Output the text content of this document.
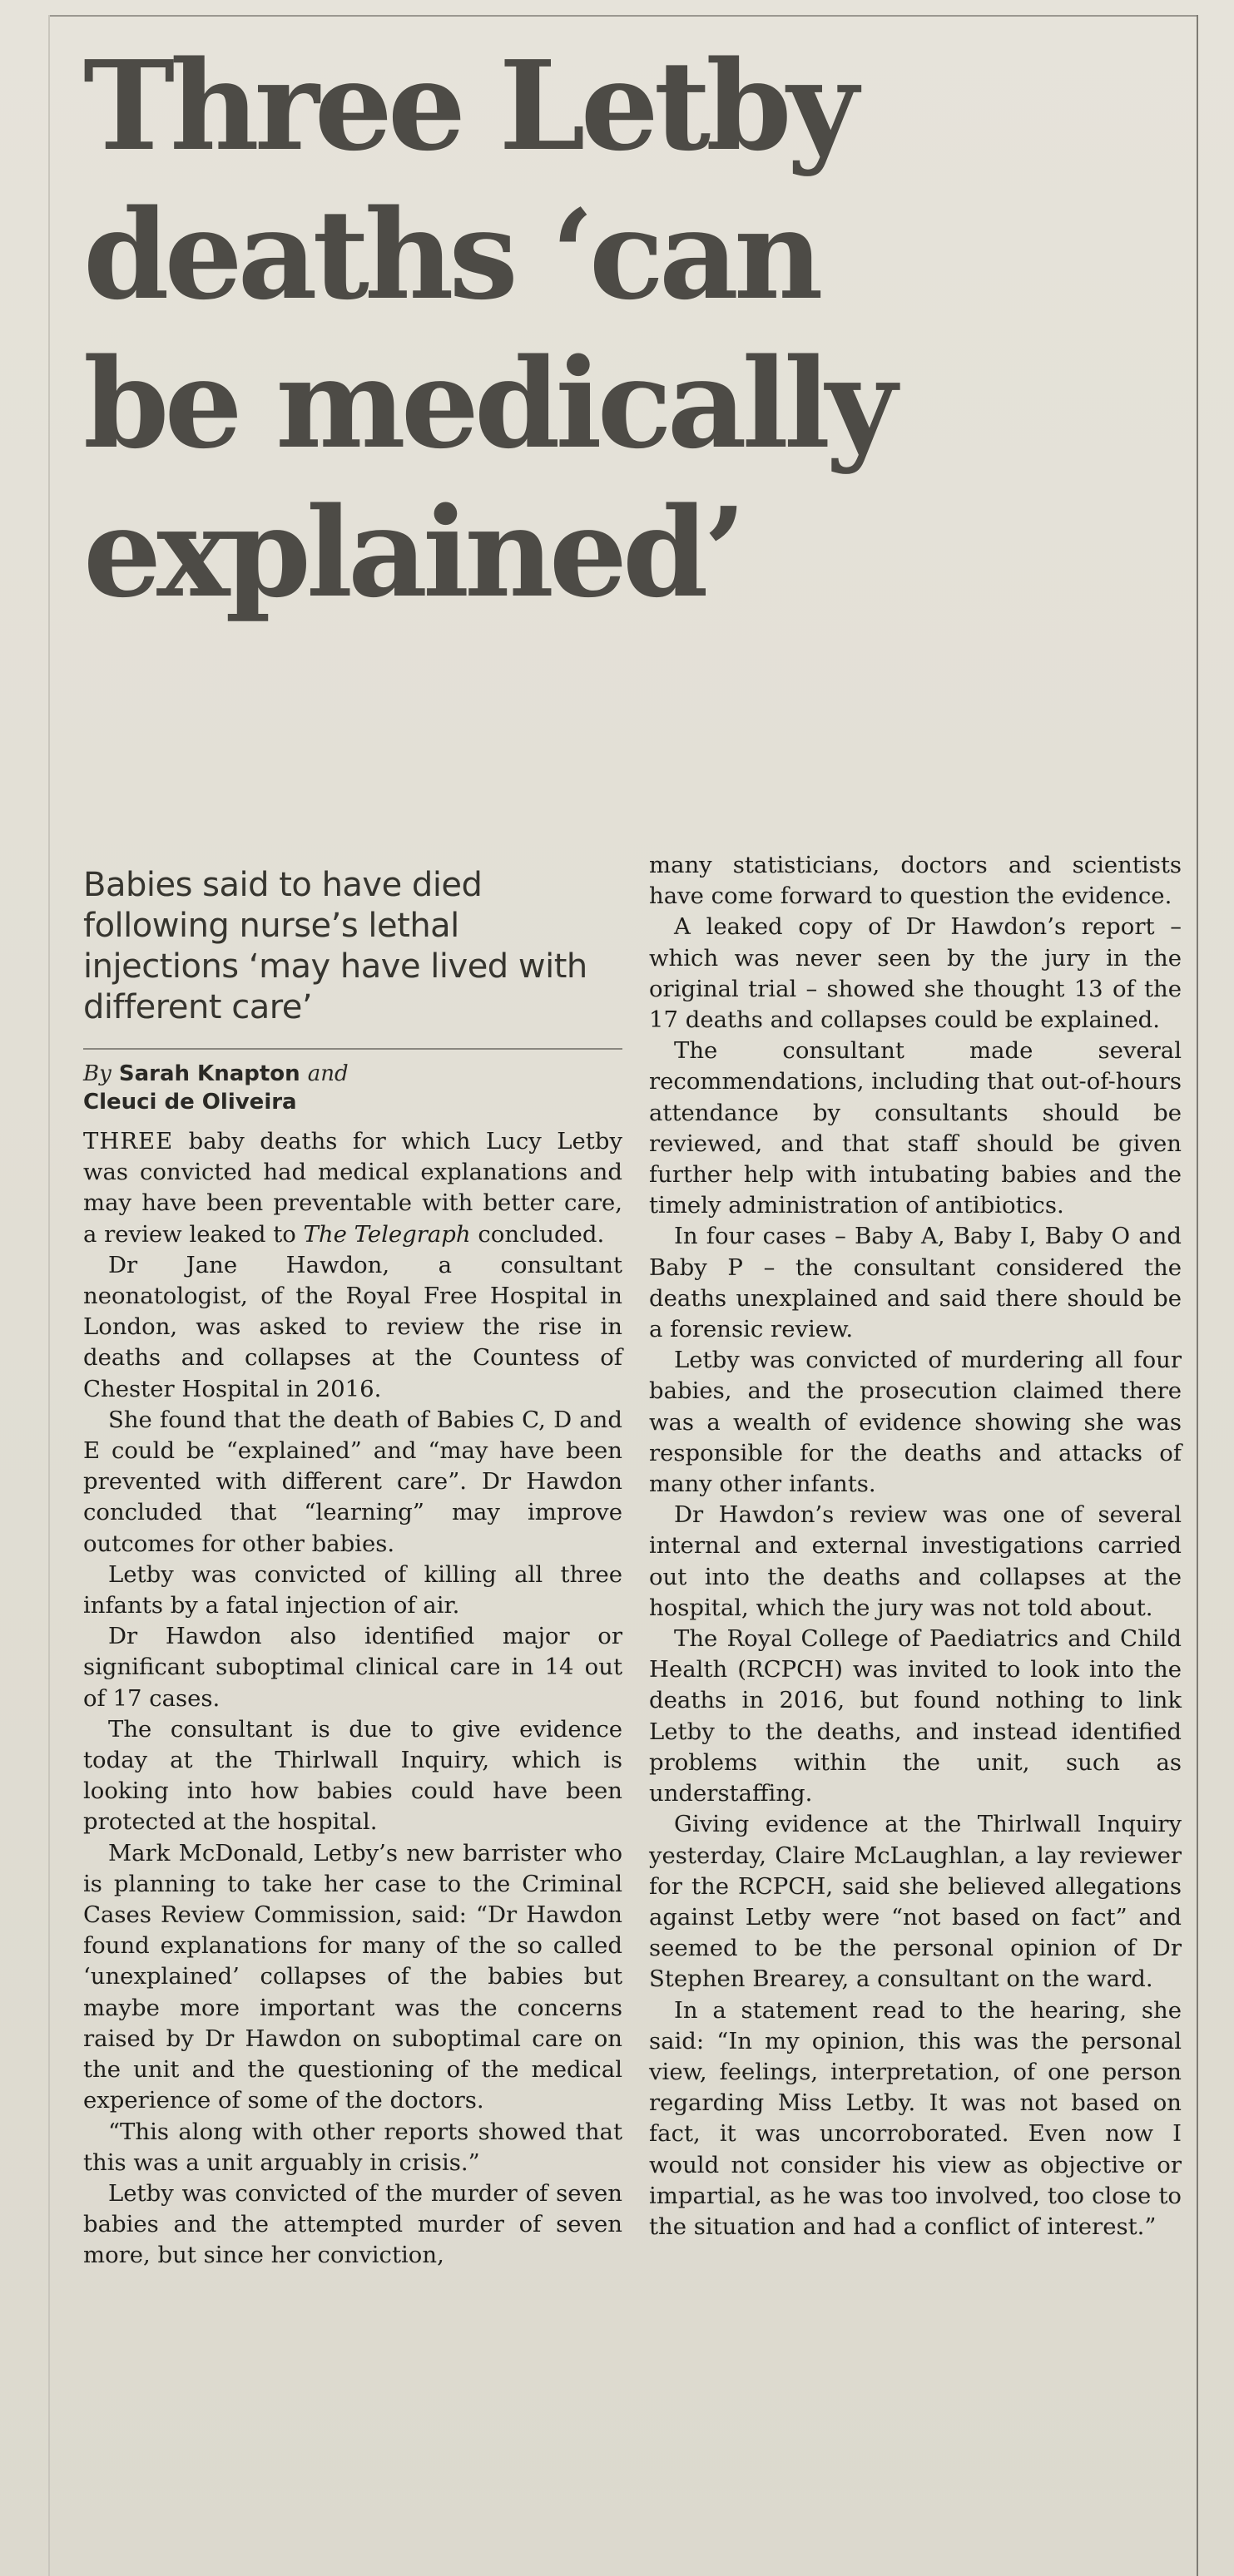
Three Letby
deaths ‘can
be medically
explained’

Babies said to have died following nurse’s lethal injections ‘may have lived with different care’

By Sarah Knapton and
Cleuci de Oliveira

THREE baby deaths for which Lucy Letby was convicted had medical explanations and may have been preventable with better care, a review leaked to The Telegraph concluded.

Dr Jane Hawdon, a consultant neonatologist, of the Royal Free Hospital in London, was asked to review the rise in deaths and collapses at the Countess of Chester Hospital in 2016.

She found that the death of Babies C, D and E could be “explained” and “may have been prevented with different care”. Dr Hawdon concluded that “learning” may improve outcomes for other babies.

Letby was convicted of killing all three infants by a fatal injection of air.

Dr Hawdon also identified major or significant suboptimal clinical care in 14 out of 17 cases.

The consultant is due to give evidence today at the Thirlwall Inquiry, which is looking into how babies could have been protected at the hospital.

Mark McDonald, Letby’s new barrister who is planning to take her case to the Criminal Cases Review Commission, said: “Dr Hawdon found explanations for many of the so called ‘unexplained’ collapses of the babies but maybe more important was the concerns raised by Dr Hawdon on suboptimal care on the unit and the questioning of the medical experience of some of the doctors.

“This along with other reports showed that this was a unit arguably in crisis.”

Letby was convicted of the murder of seven babies and the attempted murder of seven more, but since her conviction,

many statisticians, doctors and scientists have come forward to question the evidence.

A leaked copy of Dr Hawdon’s report – which was never seen by the jury in the original trial – showed she thought 13 of the 17 deaths and collapses could be explained.

The consultant made several recommendations, including that out-of-hours attendance by consultants should be reviewed, and that staff should be given further help with intubating babies and the timely administration of antibiotics.

In four cases – Baby A, Baby I, Baby O and Baby P – the consultant considered the deaths unexplained and said there should be a forensic review.

Letby was convicted of murdering all four babies, and the prosecution claimed there was a wealth of evidence showing she was responsible for the deaths and attacks of many other infants.

Dr Hawdon’s review was one of several internal and external investigations carried out into the deaths and collapses at the hospital, which the jury was not told about.

The Royal College of Paediatrics and Child Health (RCPCH) was invited to look into the deaths in 2016, but found nothing to link Letby to the deaths, and instead identified problems within the unit, such as understaffing.

Giving evidence at the Thirlwall Inquiry yesterday, Claire McLaughlan, a lay reviewer for the RCPCH, said she believed allegations against Letby were “not based on fact” and seemed to be the personal opinion of Dr Stephen Brearey, a consultant on the ward.

In a statement read to the hearing, she said: “In my opinion, this was the personal view, feelings, interpretation, of one person regarding Miss Letby. It was not based on fact, it was uncorroborated. Even now I would not consider his view as objective or impartial, as he was too involved, too close to the situation and had a conflict of interest.”
